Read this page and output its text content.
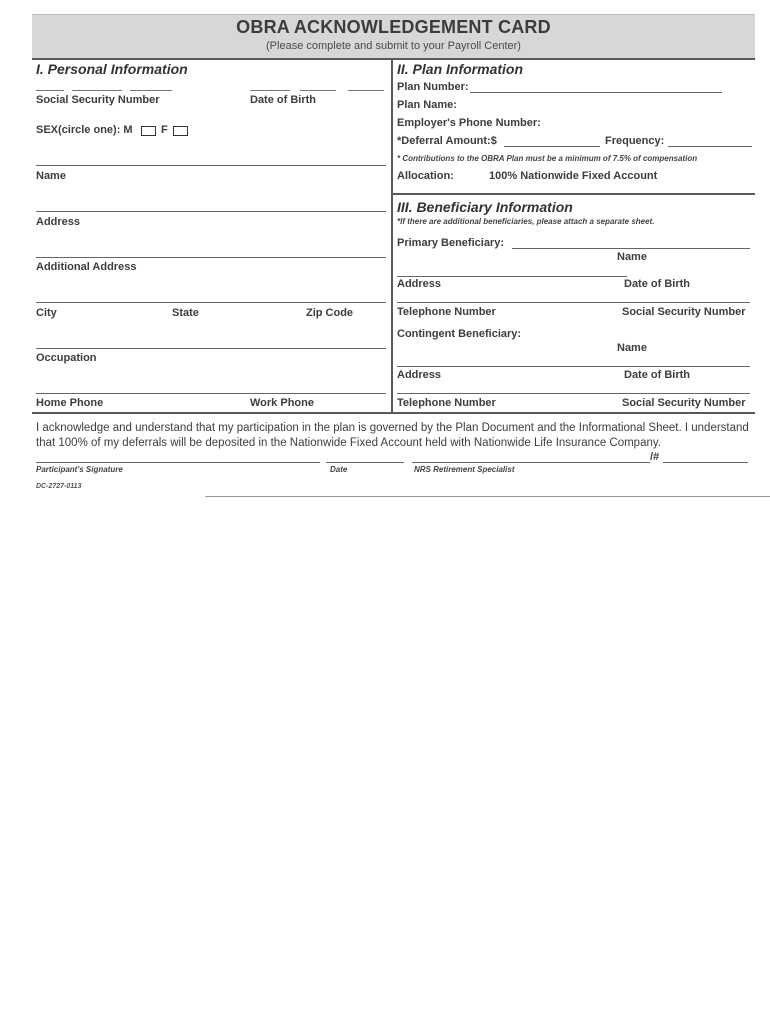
OBRA ACKNOWLEDGEMENT CARD
(Please complete and submit to your Payroll Center)
I. Personal Information
Social Security Number	Date of Birth
SEX(circle one): M	F
Name
Address
Additional Address
City	State	Zip Code
Occupation
Home Phone	Work Phone
II. Plan Information
Plan Number:
Plan Name:
Employer's Phone Number:
*Deferral Amount:$	Frequency:
* Contributions to the OBRA Plan must be a minimum of 7.5% of compensation
Allocation:	100% Nationwide Fixed Account
III. Beneficiary Information
*If there are additional beneficiaries, please attach a separate sheet.
Primary Beneficiary:
Name
Address	Date of Birth
Telephone Number	Social Security Number
Contingent Beneficiary:
Name
Address	Date of Birth
Telephone Number	Social Security Number
I acknowledge and understand that my participation in the plan is governed by the Plan Document and the Informational Sheet. I understand that 100% of my deferrals will be deposited in the Nationwide Fixed Account held with Nationwide Life Insurance Company.
/#
Participant's Signature	Date	NRS Retirement Specialist
DC-2727-0113
